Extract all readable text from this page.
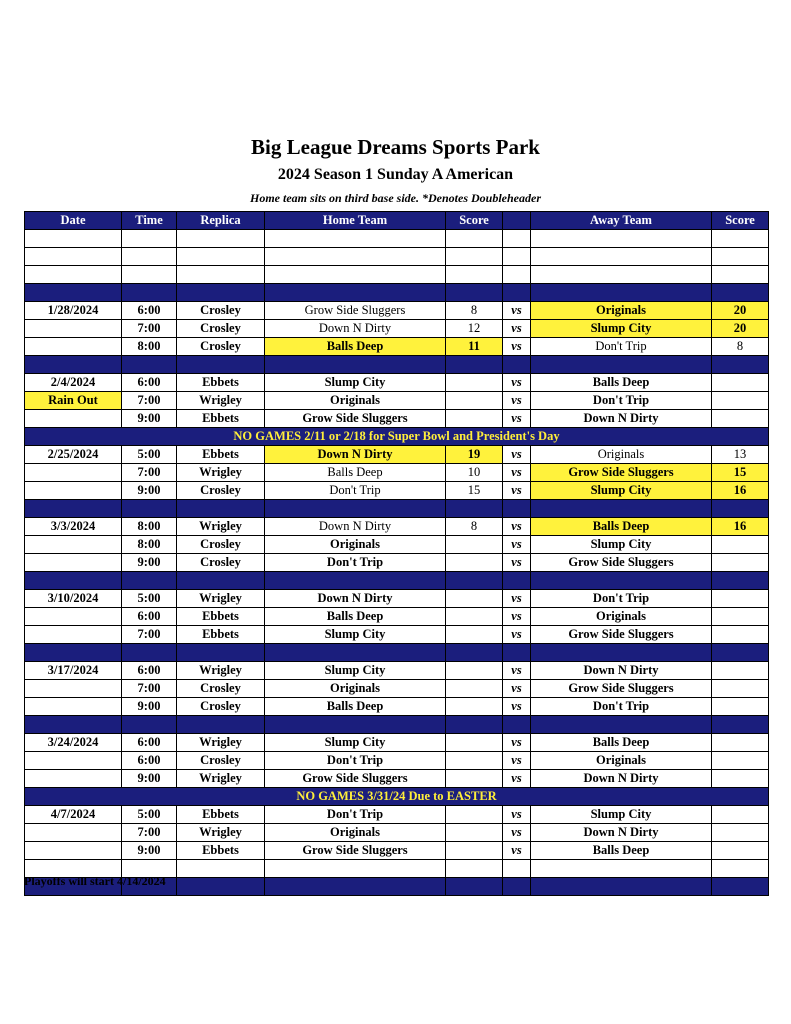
Big League Dreams Sports Park
2024 Season 1 Sunday A American
Home team sits on third base side. *Denotes Doubleheader
Date	Time	Replica	Home Team	Score		Away Team	Score

1/28/2024	6:00	Crosley	Grow Side Sluggers	8	vs	Originals	20
	7:00	Crosley	Down N Dirty	12	vs	Slump City	20
	8:00	Crosley	Balls Deep	11	vs	Don't Trip	8

2/4/2024	6:00	Ebbets	Slump City		vs	Balls Deep	
Rain Out	7:00	Wrigley	Originals		vs	Don't Trip	
	9:00	Ebbets	Grow Side Sluggers		vs	Down N Dirty	
NO GAMES 2/11 or 2/18 for Super Bowl and President's Day							
2/25/2024	5:00	Ebbets	Down N Dirty	19	vs	Originals	13
	7:00	Wrigley	Balls Deep	10	vs	Grow Side Sluggers	15
	9:00	Crosley	Don't Trip	15	vs	Slump City	16

3/3/2024	8:00	Wrigley	Down N Dirty	8	vs	Balls Deep	16
	8:00	Crosley	Originals		vs	Slump City	
	9:00	Crosley	Don't Trip		vs	Grow Side Sluggers	

3/10/2024	5:00	Wrigley	Down N Dirty		vs	Don't Trip	
	6:00	Ebbets	Balls Deep		vs	Originals	
	7:00	Ebbets	Slump City		vs	Grow Side Sluggers	

3/17/2024	6:00	Wrigley	Slump City		vs	Down N Dirty	
	7:00	Crosley	Originals		vs	Grow Side Sluggers	
	9:00	Crosley	Balls Deep		vs	Don't Trip	

3/24/2024	6:00	Wrigley	Slump City		vs	Balls Deep	
	6:00	Crosley	Don't Trip		vs	Originals	
	9:00	Wrigley	Grow Side Sluggers		vs	Down N Dirty	
NO GAMES 3/31/24 Due to EASTER							
4/7/2024	5:00	Ebbets	Don't Trip		vs	Slump City	
	7:00	Wrigley	Originals		vs	Down N Dirty	
	9:00	Ebbets	Grow Side Sluggers		vs	Balls Deep	

Playoffs will start 4/14/2024
